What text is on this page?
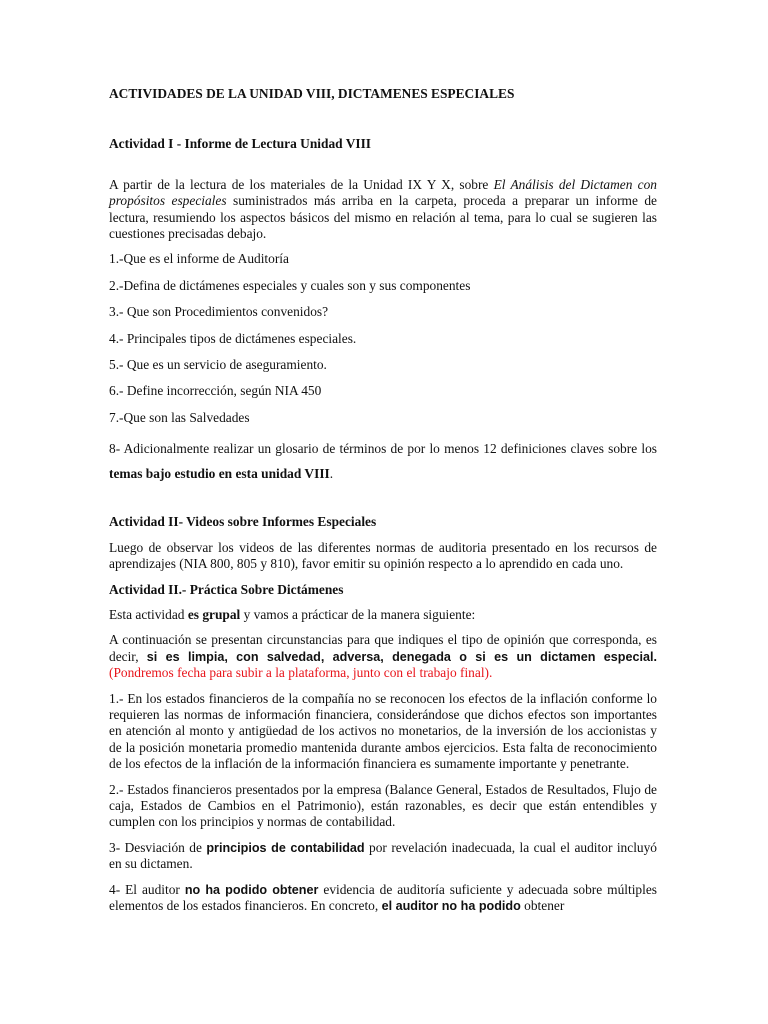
ACTIVIDADES DE LA UNIDAD VIII, DICTAMENES ESPECIALES

Actividad I - Informe de Lectura Unidad VIII

A partir de la lectura de los materiales de la Unidad IX Y X, sobre El Análisis del Dictamen con propósitos especiales suministrados más arriba en la carpeta, proceda a preparar un informe de lectura, resumiendo los aspectos básicos del mismo en relación al tema, para lo cual se sugieren las cuestiones precisadas debajo.

1.-Que es el informe de Auditoría

2.-Defina de dictámenes especiales y cuales son y sus componentes

3.- Que son Procedimientos convenidos?

4.- Principales tipos de dictámenes especiales.

5.- Que es un servicio de aseguramiento.

6.- Define incorrección, según NIA 450

7.-Que son las Salvedades

8- Adicionalmente realizar un glosario de términos de por lo menos 12 definiciones claves sobre los temas bajo estudio en esta unidad VIII.

Actividad II- Videos sobre Informes Especiales

Luego de observar los videos de las diferentes normas de auditoria presentado en los recursos de aprendizajes (NIA 800, 805 y 810), favor emitir su opinión respecto a lo aprendido en cada uno.

Actividad II.- Práctica Sobre Dictámenes

Esta actividad es grupal y vamos a prácticar de la manera siguiente:

A continuación se presentan circunstancias para que indiques el tipo de opinión que corresponda, es decir, si es limpia, con salvedad, adversa, denegada o si es un dictamen especial. (Pondremos fecha para subir a la plataforma, junto con el trabajo final).

1.- En los estados financieros de la compañía no se reconocen los efectos de la inflación conforme lo requieren las normas de información financiera, considerándose que dichos efectos son importantes en atención al monto y antigüedad de los activos no monetarios, de la inversión de los accionistas y de la posición monetaria promedio mantenida durante ambos ejercicios. Esta falta de reconocimiento de los efectos de la inflación de la información financiera es sumamente importante y penetrante.

2.- Estados financieros presentados por la empresa (Balance General, Estados de Resultados, Flujo de caja, Estados de Cambios en el Patrimonio), están razonables, es decir que están entendibles y cumplen con los principios y normas de contabilidad.

3- Desviación de principios de contabilidad por revelación inadecuada, la cual el auditor incluyó en su dictamen.

4- El auditor no ha podido obtener evidencia de auditoría suficiente y adecuada sobre múltiples elementos de los estados financieros. En concreto, el auditor no ha podido obtener
